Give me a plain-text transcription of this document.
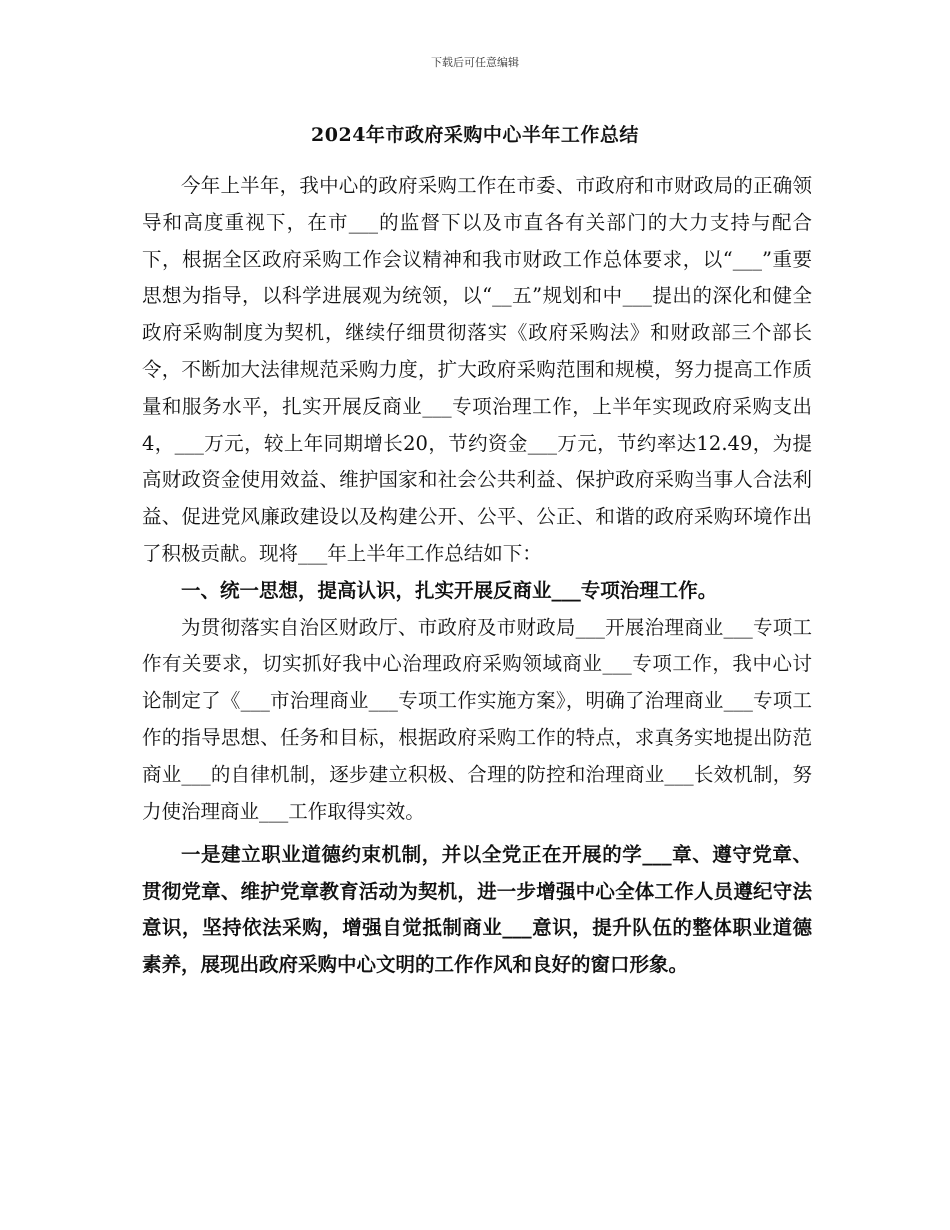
下载后可任意编辑
2024年市政府采购中心半年工作总结

今年上半年，我中心的政府采购工作在市委、市政府和市财政局的正确领导和高度重视下，在市___的监督下以及市直各有关部门的大力支持与配合下，根据全区政府采购工作会议精神和我市财政工作总体要求，以“___”重要思想为指导，以科学进展观为统领，以“__五”规划和中___提出的深化和健全政府采购制度为契机，继续仔细贯彻落实《政府采购法》和财政部三个部长令，不断加大法律规范采购力度，扩大政府采购范围和规模，努力提高工作质量和服务水平，扎实开展反商业___专项治理工作，上半年实现政府采购支出4，___万元，较上年同期增长20，节约资金___万元，节约率达12.49，为提高财政资金使用效益、维护国家和社会公共利益、保护政府采购当事人合法利益、促进党风廉政建设以及构建公开、公平、公正、和谐的政府采购环境作出了积极贡献。现将___年上半年工作总结如下：

一、统一思想，提高认识，扎实开展反商业___专项治理工作。

为贯彻落实自治区财政厅、市政府及市财政局___开展治理商业___专项工作有关要求，切实抓好我中心治理政府采购领域商业___专项工作，我中心讨论制定了《___市治理商业___专项工作实施方案》，明确了治理商业___专项工作的指导思想、任务和目标，根据政府采购工作的特点，求真务实地提出防范商业___的自律机制，逐步建立积极、合理的防控和治理商业___长效机制，努力使治理商业___工作取得实效。

一是建立职业道德约束机制，并以全党正在开展的学___章、遵守党章、贯彻党章、维护党章教育活动为契机，进一步增强中心全体工作人员遵纪守法意识，坚持依法采购，增强自觉抵制商业___意识，提升队伍的整体职业道德素养，展现出政府采购中心文明的工作作风和良好的窗口形象。
